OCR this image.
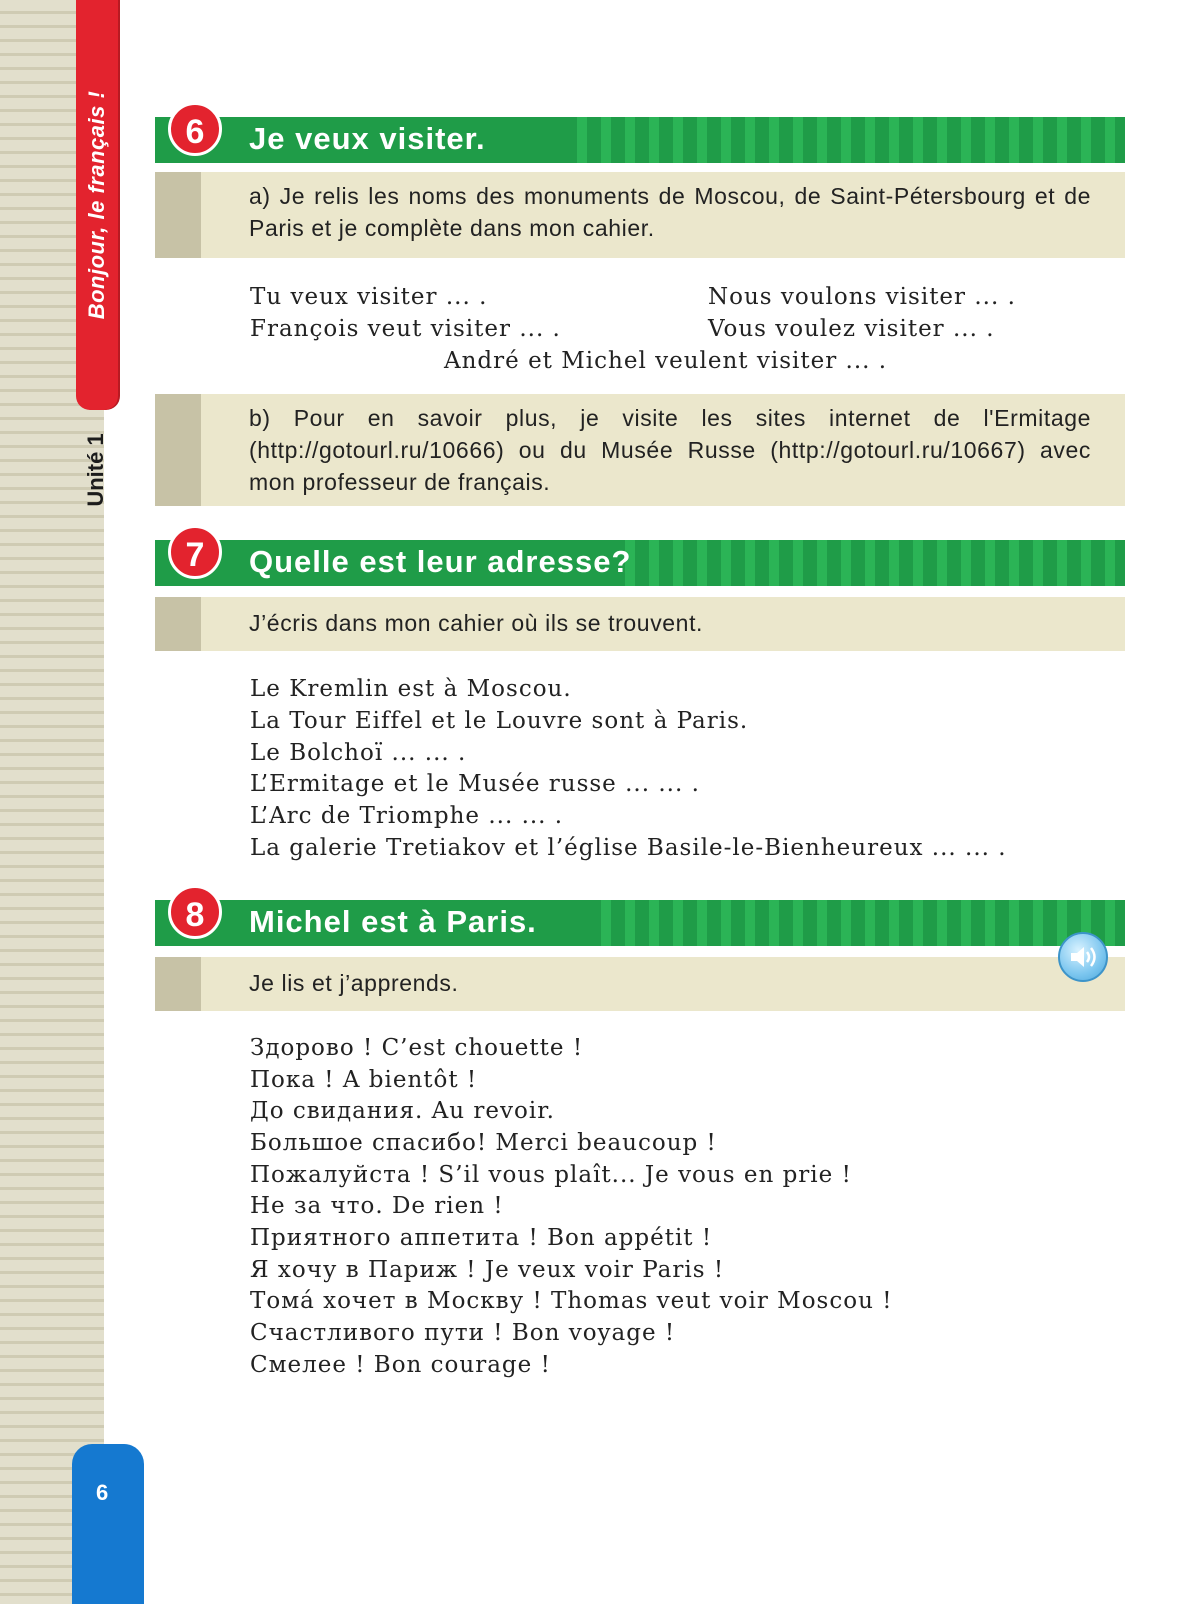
Bonjour, le français !
Unité 1
6
Je veux visiter.
6
a) Je relis les noms des monuments de Moscou, de Saint-Pétersbourg et de Paris et je complète dans mon cahier.
Tu veux visiter ... .
François veut visiter ... .
Nous voulons visiter ... .
Vous voulez visiter ... .
André et Michel veulent visiter ... .
b) Pour en savoir plus, je visite les sites internet de l'Ermitage (http://gotourl.ru/10666) ou du Musée Russe (http://gotourl.ru/10667) avec mon professeur de français.
Quelle est leur adresse?
7
J’écris dans mon cahier où ils se trouvent.
Le Kremlin est à Moscou.
La Tour Eiffel et le Louvre sont à Paris.
Le Bolchoï ... ... .
L’Ermitage et le Musée russe ... ... .
L’Arc de Triomphe ... ... .
La galerie Tretiakov et l’église Basile-le-Bienheureux ... ... .
Michel est à Paris.
8
Je lis et j’apprends.
Здорово ! C’est chouette !
Пока ! A bientôt !
До свидания. Au revoir.
Большое спасибо! Merci beaucoup !
Пожалуйста ! S’il vous plaît... Je vous en prie !
Не за что. De rien !
Приятного аппетита ! Bon appétit !
Я хочу в Париж ! Je veux voir Paris !
Тома́ хочет в Москву ! Thomas veut voir Moscou !
Счастливого пути ! Bon voyage !
Смелее ! Bon courage !
